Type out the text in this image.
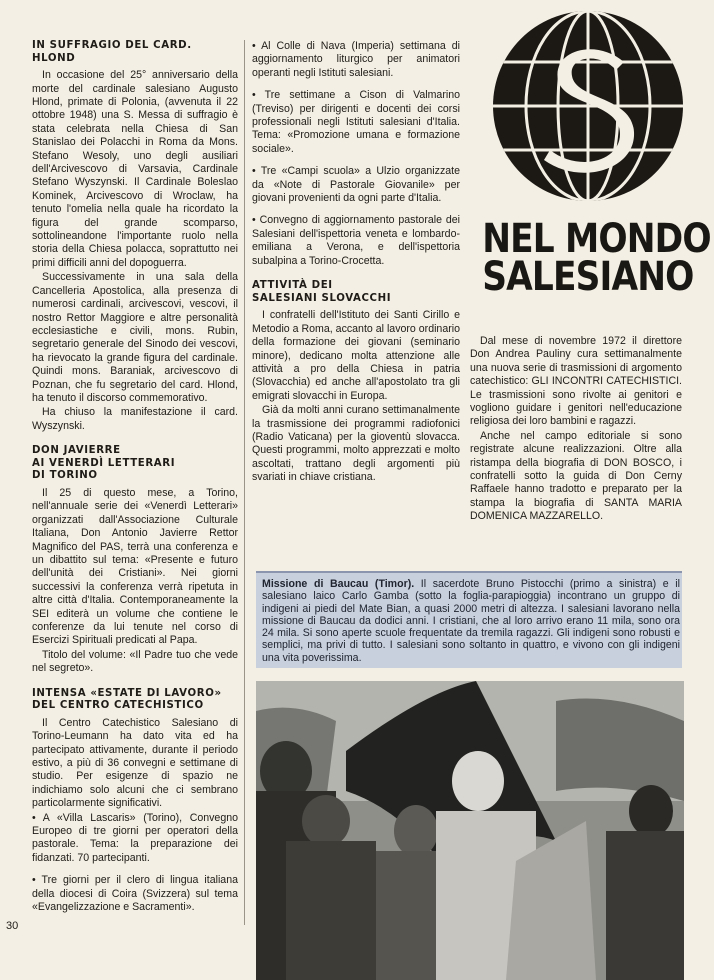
IN SUFFRAGIO DEL CARD. HLOND

In occasione del 25° anniversario della morte del cardinale salesiano Augusto Hlond, primate di Polonia, (avvenuta il 22 ottobre 1948) una S. Messa di suffragio è stata celebrata nella Chiesa di San Stanislao dei Polacchi in Roma da Mons. Stefano Wesoly, uno degli ausiliari dell'Arcivescovo di Varsavia, Cardinale Stefano Wyszynski. Il Cardinale Boleslao Kominek, Arcivescovo di Wroclaw, ha tenuto l'omelia nella quale ha ricordato la figura del grande scomparso, sottolineandone l'importante ruolo nella storia della Chiesa polacca, soprattutto nei primi difficili anni del dopoguerra.

Successivamente in una sala della Cancelleria Apostolica, alla presenza di numerosi cardinali, arcivescovi, vescovi, il nostro Rettor Maggiore e altre personalità ecclesiastiche e civili, mons. Rubin, segretario generale del Sinodo dei vescovi, ha rievocato la grande figura del cardinale. Quindi mons. Baraniak, arcivescovo di Poznan, che fu segretario del card. Hlond, ha tenuto il discorso commemorativo.

Ha chiuso la manifestazione il card. Wyszynski.

DON JAVIERRE
AI VENERDÌ LETTERARI
DI TORINO

Il 25 di questo mese, a Torino, nell'annuale serie dei «Venerdì Letterari» organizzati dall'Associazione Culturale Italiana, Don Antonio Javierre Rettor Magnifico del PAS, terrà una conferenza e un dibattito sul tema: «Presente e futuro dell'unità dei Cristiani». Nei giorni successivi la conferenza verrà ripetuta in altre città d'Italia. Contemporaneamente la SEI editerà un volume che contiene le conferenze da lui tenute nel corso di Esercizi Spirituali predicati al Papa.

Titolo del volume: «Il Padre tuo che vede nel segreto».

INTENSA «ESTATE DI LAVORO»
DEL CENTRO CATECHISTICO

Il Centro Catechistico Salesiano di Torino-Leumann ha dato vita ed ha partecipato attivamente, durante il periodo estivo, a più di 36 convegni e settimane di studio. Per esigenze di spazio ne indichiamo solo alcuni che ci sembrano particolarmente significativi.

• A «Villa Lascaris» (Torino), Convegno Europeo di tre giorni per operatori della pastorale. Tema: la preparazione dei fidanzati. 70 partecipanti.
• Tre giorni per il clero di lingua italiana della diocesi di Coira (Svizzera) sul tema «Evangelizzazione e Sacramenti».
• Al Colle di Nava (Imperia) settimana di aggiornamento liturgico per animatori operanti negli Istituti salesiani.
• Tre settimane a Cison di Valmarino (Treviso) per dirigenti e docenti dei corsi professionali negli Istituti salesiani d'Italia. Tema: «Promozione umana e formazione sociale».
• Tre «Campi scuola» a Ulzio organizzate da «Note di Pastorale Giovanile» per giovani provenienti da ogni parte d'Italia.
• Convegno di aggiornamento pastorale dei Salesiani dell'ispettoria veneta e lombardo-emiliana a Verona, e dell'ispettoria subalpina a Torino-Crocetta.
ATTIVITÀ DEI
SALESIANI SLOVACCHI

I confratelli dell'Istituto dei Santi Cirillo e Metodio a Roma, accanto al lavoro ordinario della formazione dei giovani (seminario minore), dedicano molta attenzione alle attività a pro della Chiesa in patria (Slovacchia) ed anche all'apostolato tra gli emigrati slovacchi in Europa.

Già da molti anni curano settimanalmente la trasmissione dei programmi radiofonici (Radio Vaticana) per la gioventù slovacca. Questi programmi, molto apprezzati e molto ascoltati, trattano degli argomenti più svariati in chiave cristiana.

NEL MONDO
SALESIANO

Dal mese di novembre 1972 il direttore Don Andrea Pauliny cura settimanalmente una nuova serie di trasmissioni di argomento catechistico: GLI INCONTRI CATECHISTICI. Le trasmissioni sono rivolte ai genitori e vogliono guidare i genitori nell'educazione religiosa dei loro bambini e ragazzi.

Anche nel campo editoriale si sono registrate alcune realizzazioni. Oltre alla ristampa della biografia di DON BOSCO, i confratelli sotto la guida di Don Cerny Raffaele hanno tradotto e preparato per la stampa la biografia di SANTA MARIA DOMENICA MAZZARELLO.

Missione di Baucau (Timor). Il sacerdote Bruno Pistocchi (primo a sinistra) e il salesiano laico Carlo Gamba (sotto la foglia-parapioggia) incontrano un gruppo di indigeni ai piedi del Mate Bian, a quasi 2000 metri di altezza. I salesiani lavorano nella missione di Baucau da dodici anni. I cristiani, che al loro arrivo erano 11 mila, sono ora 24 mila. Si sono aperte scuole frequentate da tremila ragazzi. Gli indigeni sono robusti e semplici, ma privi di tutto. I salesiani sono soltanto in quattro, e vivono con gli indigeni una vita poverissima.
30
